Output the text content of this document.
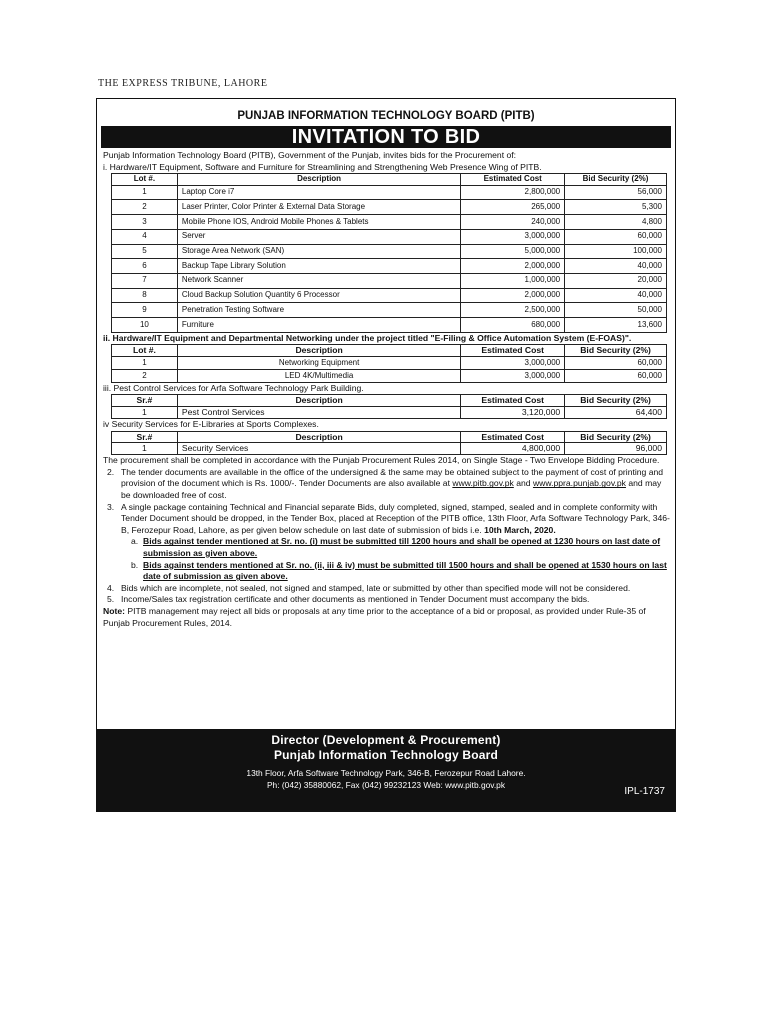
THE EXPRESS TRIBUNE, LAHORE
PUNJAB INFORMATION TECHNOLOGY BOARD (PITB)
INVITATION TO BID

Punjab Information Technology Board (PITB), Government of the Punjab, invites bids for the Procurement of:

i. Hardware/IT Equipment, Software and Furniture for Streamlining and Strengthening Web Presence Wing of PITB.

Lot #.	Description	Estimated Cost	Bid Security (2%)
1	Laptop Core i7	2,800,000	56,000
2	Laser Printer, Color Printer & External Data Storage	265,000	5,300
3	Mobile Phone IOS, Android Mobile Phones & Tablets	240,000	4,800
4	Server	3,000,000	60,000
5	Storage Area Network (SAN)	5,000,000	100,000
6	Backup Tape Library Solution	2,000,000	40,000
7	Network Scanner	1,000,000	20,000
8	Cloud Backup Solution Quantity 6 Processor	2,000,000	40,000
9	Penetration Testing Software	2,500,000	50,000
10	Furniture	680,000	13,600

ii. Hardware/IT Equipment and Departmental Networking under the project titled "E-Filing & Office Automation System (E-FOAS)".

Lot #.	Description	Estimated Cost	Bid Security (2%)
1	Networking Equipment	3,000,000	60,000
2	LED 4K/Multimedia	3,000,000	60,000

iii. Pest Control Services for Arfa Software Technology Park Building.

Sr.#	Description	Estimated Cost	Bid Security (2%)
1	Pest Control Services	3,120,000	64,400

iv Security Services for E-Libraries at Sports Complexes.

Sr.#	Description	Estimated Cost	Bid Security (2%)
1	Security Services	4,800,000	96,000

The procurement shall be completed in accordance with the Punjab Procurement Rules 2014, on Single Stage - Two Envelope Bidding Procedure.

2. The tender documents are available in the office of the undersigned & the same may be obtained subject to the payment of cost of printing and provision of the document which is Rs. 1000/-. Tender Documents are also available at www.pitb.gov.pk and www.ppra.punjab.gov.pk and may be downloaded free of cost.
3. A single package containing Technical and Financial separate Bids, duly completed, signed, stamped, sealed and in complete conformity with Tender Document should be dropped, in the Tender Box, placed at Reception of the PITB office, 13th Floor, Arfa Software Technology Park, 346-B, Ferozepur Road, Lahore, as per given below schedule on last date of submission of bids i.e. 10th March, 2020.
a. Bids against tender mentioned at Sr. no. (i) must be submitted till 1200 hours and shall be opened at 1230 hours on last date of submission as given above.
b. Bids against tenders mentioned at Sr. no. (ii, iii & iv) must be submitted till 1500 hours and shall be opened at 1530 hours on last date of submission as given above.
4. Bids which are incomplete, not sealed, not signed and stamped, late or submitted by other than specified mode will not be considered.
5. Income/Sales tax registration certificate and other documents as mentioned in Tender Document must accompany the bids.

Note: PITB management may reject all bids or proposals at any time prior to the acceptance of a bid or proposal, as provided under Rule-35 of Punjab Procurement Rules, 2014.

Director (Development & Procurement)
Punjab Information Technology Board
13th Floor, Arfa Software Technology Park, 346-B, Ferozepur Road Lahore.
Ph: (042) 35880062, Fax (042) 99232123 Web: www.pitb.gov.pk
IPL-1737
